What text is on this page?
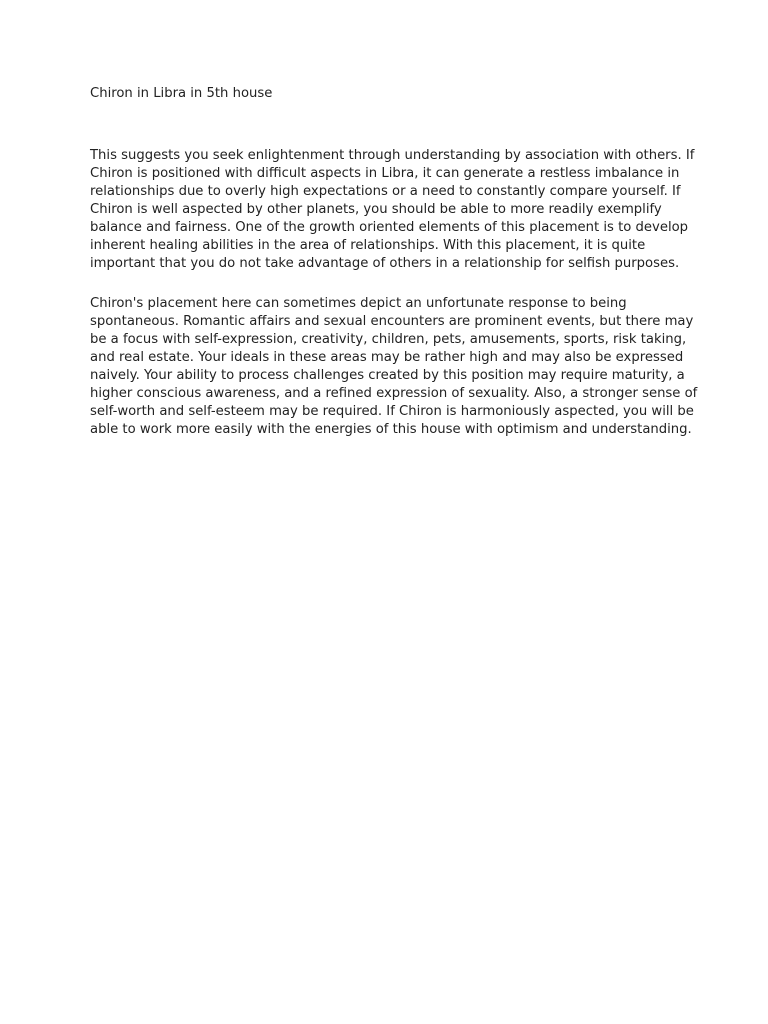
Chiron in Libra in 5th house

This suggests you seek enlightenment through understanding by association with others. If
Chiron is positioned with difficult aspects in Libra, it can generate a restless imbalance in
relationships due to overly high expectations or a need to constantly compare yourself. If
Chiron is well aspected by other planets, you should be able to more readily exemplify
balance and fairness. One of the growth oriented elements of this placement is to develop
inherent healing abilities in the area of relationships. With this placement, it is quite
important that you do not take advantage of others in a relationship for selfish purposes.

Chiron's placement here can sometimes depict an unfortunate response to being
spontaneous. Romantic affairs and sexual encounters are prominent events, but there may
be a focus with self-expression, creativity, children, pets, amusements, sports, risk taking,
and real estate. Your ideals in these areas may be rather high and may also be expressed
naively. Your ability to process challenges created by this position may require maturity, a
higher conscious awareness, and a refined expression of sexuality. Also, a stronger sense of
self-worth and self-esteem may be required. If Chiron is harmoniously aspected, you will be
able to work more easily with the energies of this house with optimism and understanding.
